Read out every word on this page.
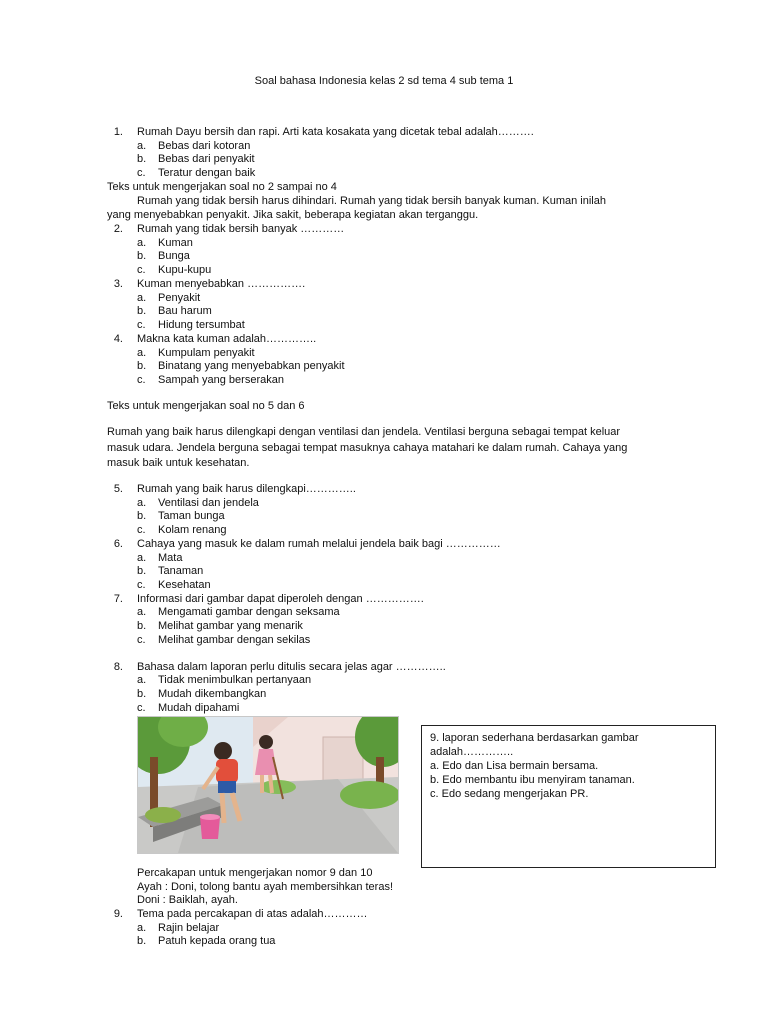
Soal bahasa Indonesia kelas 2 sd tema 4 sub tema 1
1. Rumah Dayu bersih dan rapi. Arti kata kosakata yang dicetak tebal adalah……….
a. Bebas dari kotoran
b. Bebas dari penyakit
c. Teratur dengan baik
Teks untuk mengerjakan soal no 2 sampai no 4
Rumah yang tidak bersih harus dihindari. Rumah yang tidak bersih banyak kuman. Kuman inilah
yang menyebabkan penyakit. Jika sakit, beberapa kegiatan akan terganggu.
2. Rumah yang tidak bersih banyak …………
a. Kuman
b. Bunga
c. Kupu-kupu
3. Kuman menyebabkan …………….
a. Penyakit
b. Bau harum
c. Hidung tersumbat
4. Makna kata kuman adalah…………..
a. Kumpulam penyakit
b. Binatang yang menyebabkan penyakit
c. Sampah yang berserakan
Teks untuk mengerjakan soal no 5 dan 6
Rumah yang baik harus dilengkapi dengan ventilasi dan jendela. Ventilasi berguna sebagai tempat keluar
masuk udara. Jendela berguna sebagai tempat masuknya cahaya matahari ke dalam rumah. Cahaya yang
masuk baik untuk kesehatan.
5. Rumah yang baik harus dilengkapi…………..
a. Ventilasi dan jendela
b. Taman bunga
c. Kolam renang
6. Cahaya yang masuk ke dalam rumah melalui jendela baik bagi ……………
a. Mata
b. Tanaman
c. Kesehatan
7. Informasi dari gambar dapat diperoleh dengan …………….
a. Mengamati gambar dengan seksama
b. Melihat gambar yang menarik
c. Melihat gambar dengan sekilas
8. Bahasa dalam laporan perlu ditulis secara jelas agar …………..
a. Tidak menimbulkan pertanyaan
b. Mudah dikembangkan
c. Mudah dipahami
9. laporan sederhana berdasarkan gambar
adalah…………..
a. Edo dan Lisa bermain bersama.
b. Edo membantu ibu menyiram tanaman.
c. Edo sedang mengerjakan PR.
Percakapan untuk mengerjakan nomor 9 dan 10
Ayah : Doni, tolong bantu ayah membersihkan teras!
Doni : Baiklah, ayah.
9. Tema pada percakapan di atas adalah…………
a. Rajin belajar
b. Patuh kepada orang tua
